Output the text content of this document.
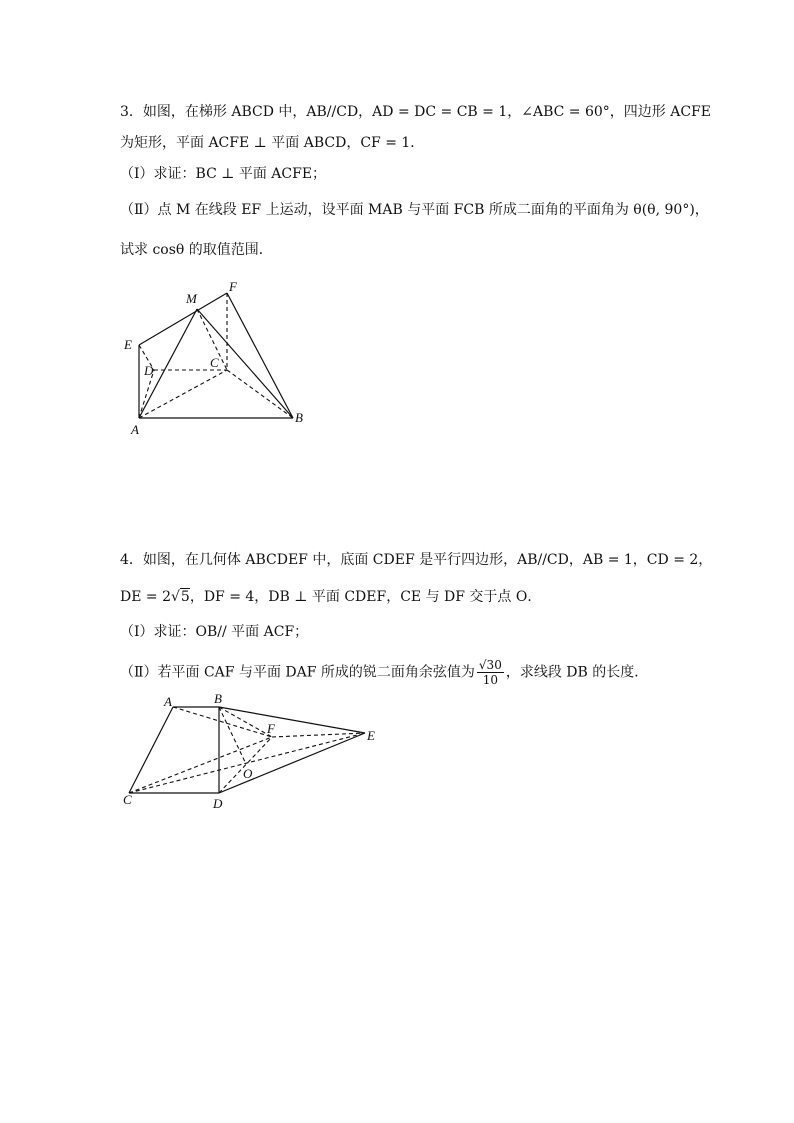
3．如图，在梯形 ABCD 中，AB//CD，AD = DC = CB = 1，∠ABC = 60°，四边形 ACFE
为矩形，平面 ACFE ⊥ 平面 ABCD，CF = 1．
（Ⅰ）求证：BC ⊥ 平面 ACFE；
（Ⅱ）点 M 在线段 EF 上运动，设平面 MAB 与平面 FCB 所成二面角的平面角为 θ(θ, 90°)，
试求 cosθ 的取值范围．
F
M
E
C
D
A
B
4．如图，在几何体 ABCDEF 中，底面 CDEF 是平行四边形，AB//CD，AB = 1，CD = 2，
DE = 2√5，DF = 4，DB ⊥ 平面 CDEF，CE 与 DF 交于点 O．
（Ⅰ）求证：OB// 平面 ACF；
（Ⅱ）若平面 CAF 与平面 DAF 所成的锐二面角余弦值为 $\frac{√30}{10}$ ，求线段 DB 的长度．
A	B
F	E
O
C	D
